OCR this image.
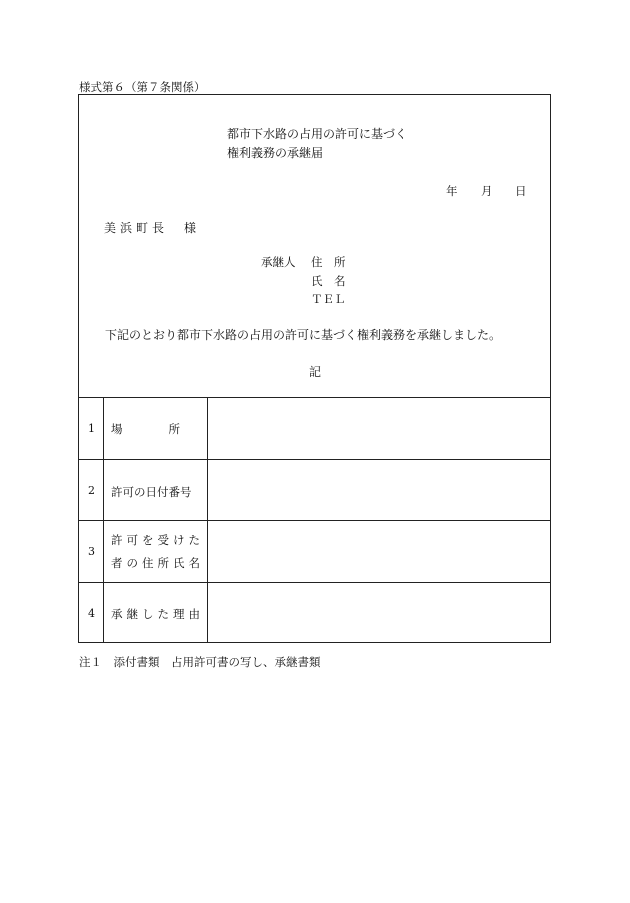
様式第６（第７条関係）
都市下水路の占用の許可に基づく
権利義務の承継届
年 月 日
美浜町長　様
承継人 住　所
氏　名
ＴＥＬ
下記のとおり都市下水路の占用の許可に基づく権利義務を承継しました。
記
1
2
3
4
場　　　　所
許可の日付番号
許可を受けた
者の住所氏名
承継した理由
注１　添付書類　占用許可書の写し、承継書類
